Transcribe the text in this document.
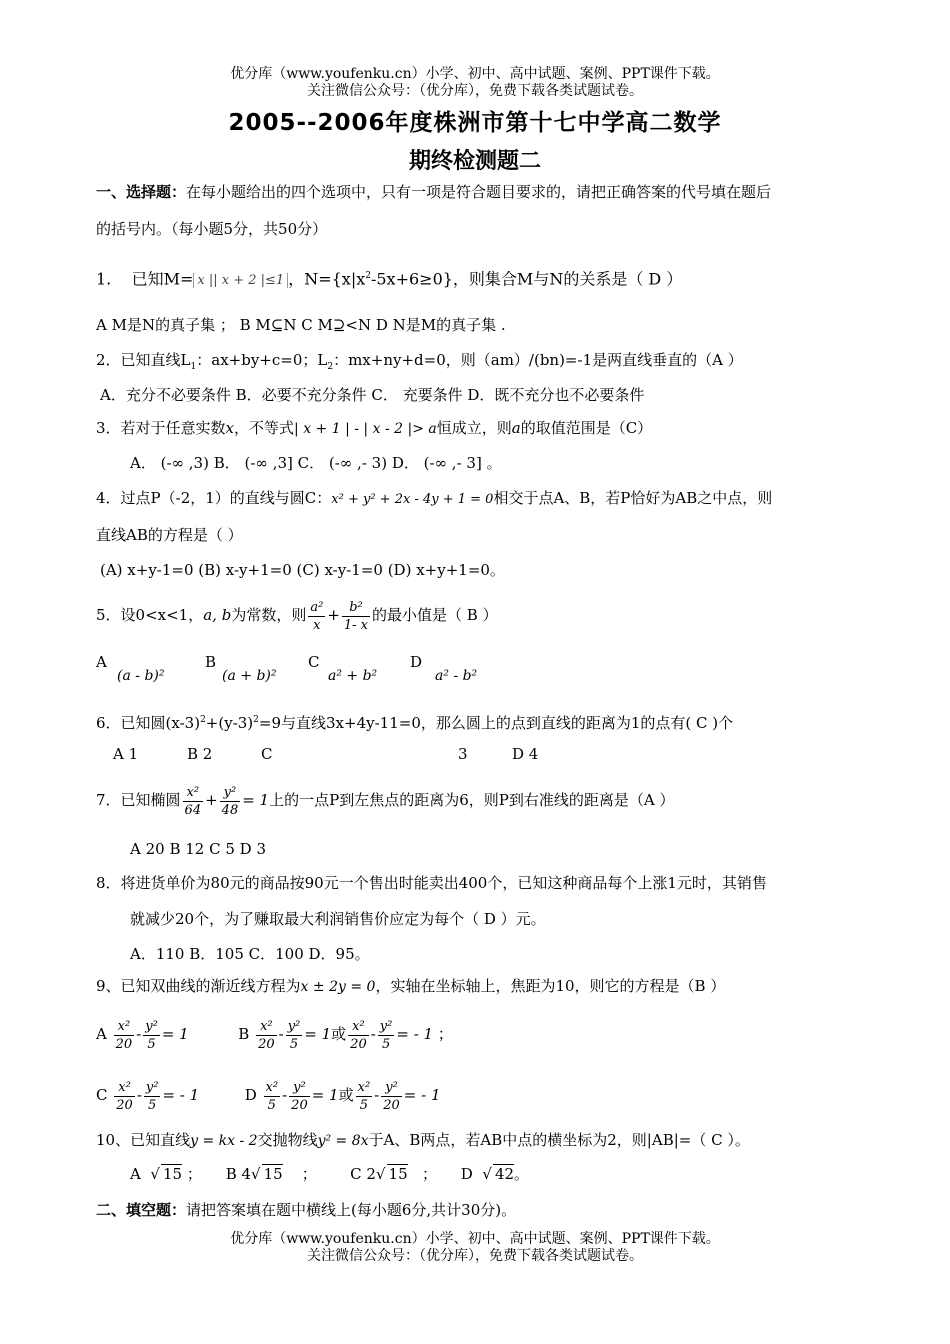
优分库（www.youfenku.cn）小学、初中、高中试题、案例、PPT课件下载。
关注微信公众号：（优分库），免费下载各类试题试卷。
2005--2006年度株洲市第十七中学高二数学
期终检测题二
一、选择题：在每小题给出的四个选项中，只有一项是符合题目要求的，请把正确答案的代号填在题后
的括号内。（每小题5分，共50分）
1. 已知M= x || x + 2 |≤1 ，$N=\{x|x^2-5x+6\ge 0\}$，则集合M与N的关系是（ D ）
A M是N的真子集 ； B M⊆N C M⊇<N D N是M的真子集 .
2．已知直线$L_1$：ax+by+c=0；$L_2$：mx+ny+d=0，则（am）/(bn)=-1是两直线垂直的（A ）
A．充分不必要条件 B．必要不充分条件 C． 充要条件 D．既不充分也不必要条件
3．若对于任意实数x，不等式| x + 1 | - | x - 2 |> a恒成立，则a的取值范围是（C）
A． (-∞ ,3) B． (-∞ ,3] C． (-∞ ,- 3) D． (-∞ ,- 3] 。
4．过点P（-2，1）的直线与圆C：x² + y² + 2x - 4y + 1 = 0相交于点A、B，若P恰好为AB之中点，则
直线AB的方程是（ ）
(A) x+y-1=0 (B) x-y+1=0 (C) x-y-1=0 (D) x+y+1=0。
5．设0<x<1，a, b为常数，则 $\frac{\text{a²}}{x} + \frac{\text{b²}}{1- x}$ 的最小值是（ B ）
A
(a - b)²
B
(a + b)²
C
a² + b²
D
a² - b²
6．已知圆$(x-3)^2+(y-3)^2=9$与直线3x+4y-11=0，那么圆上的点到直线的距离为1的点有( C )个
A 1	B 2	C	3	D 4
7．已知椭圆 $\frac{\text{x²}}{64} + \frac{\text{y²}}{48} = 1$上的一点P到左焦点的距离为6，则P到右准线的距离是（A ）
A 20 B 12 C 5 D 3
8．将进货单价为80元的商品按90元一个售出时能卖出400个，已知这种商品每个上涨1元时，其销售
就减少20个，为了赚取最大利润销售价应定为每个（ D ）元。
A．110 B．105 C．100 D．95。
9、已知双曲线的渐近线方程为x ± 2y = 0，实轴在坐标轴上，焦距为10，则它的方程是（B ）
A $\frac{\text{x²}}{20} - \frac{\text{y²}}{5} = 1$	B $\frac{\text{x²}}{20} - \frac{\text{y²}}{5} = 1$或 $\frac{\text{x²}}{20} - \frac{\text{y²}}{5}$ = - 1 ；
C $\frac{\text{x²}}{20} - \frac{\text{y²}}{5}$ = - 1	D $\frac{\text{x²}}{5} - \frac{\text{y²}}{20} = 1$或 $\frac{\text{x²}}{5} - \frac{\text{y²}}{20}$ = - 1
10、已知直线y = kx - 2交抛物线y² = 8x于A、B两点，若AB中点的横坐标为2，则|AB|=（ C ）。
A  √ 15 ； B 4√ 15 ； C 2√ 15 ； D  √ 42。
二、填空题：请把答案填在题中横线上(每小题6分,共计30分)。
优分库（www.youfenku.cn）小学、初中、高中试题、案例、PPT课件下载。
关注微信公众号：（优分库），免费下载各类试题试卷。
